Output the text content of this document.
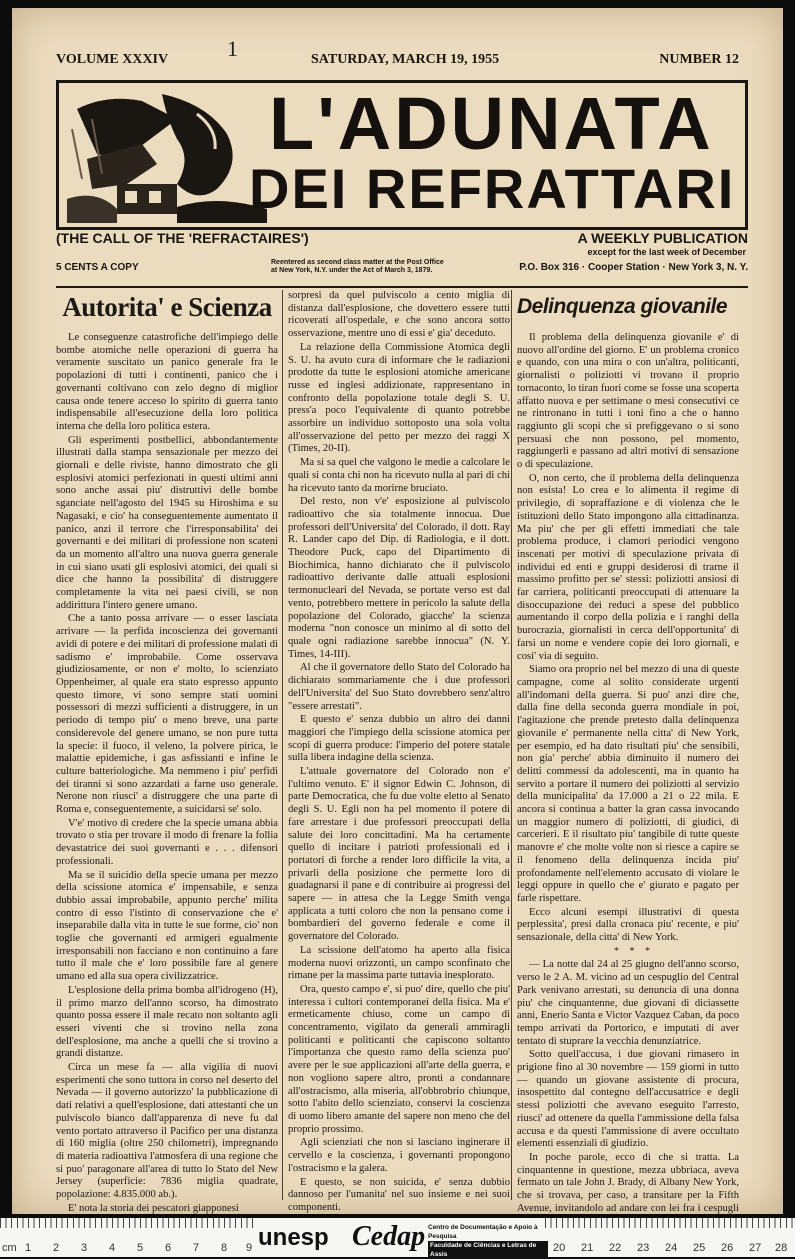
1
VOLUME XXXIV	SATURDAY, MARCH 19, 1955	NUMBER 12
L'ADUNATA
DEI REFRATTARI
(THE CALL OF THE 'REFRACTAIRES')	A WEEKLY PUBLICATION
except for the last week of December
5 CENTS A COPY	Reentered as second class matter at the Post Office
at New York, N.Y. under the Act of March 3, 1879.	P.O. Box 316 · Cooper Station · New York 3, N. Y.
Autorita' e Scienza

Le conseguenze catastrofiche dell'impiego delle bombe atomiche nelle operazioni di guerra ha veramente suscitato un panico generale fra le popolazioni di tutti i continenti, panico che i governanti coltivano con zelo degno di miglior causa onde tenere acceso lo spirito di guerra tanto indispensabile all'esecuzione della loro politica interna che della loro politica estera.

Gli esperimenti postbellici, abbondantemente illustrati dalla stampa sensazionale per mezzo dei giornali e delle riviste, hanno dimostrato che gli esplosivi atomici perfezionati in questi ultimi anni sono anche assai piu' distruttivi delle bombe sganciate nell'agosto del 1945 su Hiroshima e su Nagasaki, e cio' ha conseguentemente aumentato il panico, anzi il terrore che l'irresponsabilita' dei governanti e dei militari di professione non scateni da un momento all'altro una nuova guerra generale in cui siano usati gli esplosivi atomici, dei quali si dice che hanno la possibilita' di distruggere completamente la vita nei paesi civili, se non addirittura l'intero genere umano.

Che a tanto possa arrivare — o esser lasciata arrivare — la perfida incoscienza dei governanti avidi di potere e dei militari di professione malati di sadismo e' improbabile. Come osservava giudiziosamente, or non e' molto, lo scienziato Oppenheimer, al quale era stato espresso appunto questo timore, vi sono sempre stati uomini possessori di mezzi sufficienti a distruggere, in un periodo di tempo piu' o meno breve, una parte considerevole del genere umano, se non pure tutta la specie: il fuoco, il veleno, la polvere pirica, le malattie epidemiche, i gas asfissianti e infine le culture batteriologiche. Ma nemmeno i piu' perfidi dei tiranni si sono azzardati a farne uso generale. Nerone non riusci' a distruggere che una parte di Roma e, conseguentemente, a suicidarsi se' solo.

V'e' motivo di credere che la specie umana abbia trovato o stia per trovare il modo di frenare la follia devastatrice dei suoi governanti e . . . difensori professionali.

Ma se il suicidio della specie umana per mezzo della scissione atomica e' impensabile, e senza dubbio assai improbabile, appunto perche' milita contro di esso l'istinto di conservazione che e' inseparabile dalla vita in tutte le sue forme, cio' non toglie che governanti ed armigeri egualmente irresponsabili non facciano e non continuino a fare tutto il male che e' loro possibile fare al genere umano ed alla sua opera civilizzatrice.

L'esplosione della prima bomba all'idrogeno (H), il primo marzo dell'anno scorso, ha dimostrato quanto possa essere il male recato non soltanto agli esseri viventi che si trovino nella zona dell'esplosione, ma anche a quelli che si trovino a grandi distanze.

Circa un mese fa — alla vigilia di nuovi esperimenti che sono tuttora in corso nel deserto del Nevada — il governo autorizzo' la pubblicazione di dati relativi a quell'esplosione, dati attestanti che un pulviscolo bianco dall'apparenza di neve fu dal vento portato attraverso il Pacifico per una distanza di 160 miglia (oltre 250 chilometri), impregnando di materia radioattiva l'atmosfera di una regione che si puo' paragonare all'area di tutto lo Stato del New Jersey (superficie: 7836 miglia quadrate, popolazione: 4.835.000 ab.).

E' nota la storia dei pescatori giapponesi

sorpresi da quel pulviscolo a cento miglia di distanza dall'esplosione, che dovettero essere tutti ricoverati all'ospedale, e che sono ancora sotto osservazione, mentre uno di essi e' gia' deceduto.

La relazione della Commissione Atomica degli S. U. ha avuto cura di informare che le radiazioni prodotte da tutte le esplosioni atomiche americane russe ed inglesi addizionate, rappresentano in confronto della popolazione totale degli S. U. press'a poco l'equivalente di quanto potrebbe assorbire un individuo sottoposto una sola volta all'osservazione del petto per mezzo dei raggi X (Times, 20-II).

Ma si sa quel che valgono le medie a calcolare le quali si conta chi non ha ricevuto nulla al pari di chi ha ricevuto tanto da morirne bruciato.

Del resto, non v'e' esposizione al pulviscolo radioattivo che sia totalmente innocua. Due professori dell'Universita' del Colorado, il dott. Ray R. Lander capo del Dip. di Radiologia, e il dott. Theodore Puck, capo del Dipartimento di Biochimica, hanno dichiarato che il pulviscolo radioattivo derivante dalle attuali esplosioni termonucleari del Nevada, se portate verso est dal vento, potrebbero mettere in pericolo la salute della popolazione del Colorado, giacche' la scienza moderna "non conosce un minimo al di sotto del quale ogni radiazione sarebbe innocua" (N. Y. Times, 14-III).

Al che il governatore dello Stato del Colorado ha dichiarato sommariamente che i due professori dell'Universita' del Suo Stato dovrebbero senz'altro "essere arrestati".

E questo e' senza dubbio un altro dei danni maggiori che l'impiego della scissione atomica per scopi di guerra produce: l'imperio del potere statale sulla libera indagine della scienza.

L'attuale governatore del Colorado non e' l'ultimo venuto. E' il signor Edwin C. Johnson, di parte Democratica, che fu due volte eletto al Senato degli S. U. Egli non ha pel momento il potere di fare arrestare i due professori preoccupati della salute dei loro concittadini. Ma ha certamente quello di incitare i patrioti professionali ed i portatori di forche a render loro difficile la vita, a privarli della posizione che permette loro di guadagnarsi il pane e di contribuire ai progressi del sapere — in attesa che la Legge Smith venga applicata a tutti coloro che non la pensano come i bombardieri del governo federale e come il governatore del Colorado.

La scissione dell'atomo ha aperto alla fisica moderna nuovi orizzonti, un campo sconfinato che rimane per la massima parte tuttavia inesplorato.

Ora, questo campo e', si puo' dire, quello che piu' interessa i cultori contemporanei della fisica. Ma e' ermeticamente chiuso, come un campo di concentramento, vigilato da generali ammiragli politicanti e politicanti che capiscono soltanto l'importanza che questo ramo della scienza puo' avere per le sue applicazioni all'arte della guerra, e non vogliono sapere altro, pronti a condannare all'ostracismo, alla miseria, all'obbrobrio chiunque, sotto l'abito dello scienziato, conservi la coscienza di uomo libero amante del sapere non meno che del proprio prossimo.

Agli scienziati che non si lasciano inginerare il cervello e la coscienza, i governanti propongono l'ostracismo e la galera.

E questo, se non suicida, e' senza dubbio dannoso per l'umanita' nel suo insieme e nei suoi componenti.

Delinquenza giovanile

Il problema della delinquenza giovanile e' di nuovo all'ordine del giorno. E' un problema cronico e quando, con una mira o con un'altra, politicanti, giornalisti o poliziotti vi trovano il proprio tornaconto, lo tiran fuori come se fosse una scoperta affatto nuova e per settimane o mesi consecutivi ce ne rintronano in tutti i toni fino a che o hanno raggiunto gli scopi che si prefiggevano o si sono persuasi che non possono, pel momento, raggiungerli e passano ad altri motivi di sensazione o di speculazione.

O, non certo, che il problema della delinquenza non esista! Lo crea e lo alimenta il regime di privilegio, di sopraffazione e di violenza che le istituzioni dello Stato impongono alla cittadinanza. Ma piu' che per gli effetti immediati che tale problema produce, i clamori periodici vengono inscenati per motivi di speculazione privata di individui ed enti e gruppi desiderosi di trarne il massimo profitto per se' stessi: poliziotti ansiosi di far carriera, politicanti preoccupati di attenuare la disoccupazione dei reduci a spese del pubblico aumentando il corpo della polizia e i ranghi della burocrazia, giornalisti in cerca dell'opportunita' di farsi un nome e vendere copie dei loro giornali, e cosi' via di seguito.

Siamo ora proprio nel bel mezzo di una di queste campagne, come al solito considerate urgenti all'indomani della guerra. Si puo' anzi dire che, dalla fine della seconda guerra mondiale in poi, l'agitazione che prende pretesto dalla delinquenza giovanile e' permanente nella citta' di New York, per esempio, ed ha dato risultati piu' che sensibili, non gia' perche' abbia diminuito il numero dei delitti commessi da adolescenti, ma in quanto ha servito a portare il numero dei poliziotti al servizio della municipalita' da 17.000 a 21 o 22 mila. E ancora si continua a batter la gran cassa invocando un maggior numero di poliziotti, di giudici, di carcerieri. E il risultato piu' tangibile di tutte queste manovre e' che molte volte non si riesce a capire se il fenomeno della delinquenza incida piu' profondamente nell'elemento accusato di violare le leggi oppure in quello che e' giurato e pagato per farle rispettare.

Ecco alcuni esempi illustrativi di questa perplessita', presi dalla cronaca piu' recente, e piu' sensazionale, della citta' di New York.

* * *

— La notte dal 24 al 25 giugno dell'anno scorso, verso le 2 A. M. vicino ad un cespuglio del Central Park venivano arrestati, su denuncia di una donna piu' che cinquantenne, due giovani di diciassette anni, Enerio Santa e Victor Vazquez Caban, da poco tempo arrivati da Portorico, e imputati di aver tentato di stuprare la vecchia denunziatrice.

Sotto quell'accusa, i due giovani rimasero in prigione fino al 30 novembre — 159 giorni in tutto — quando un giovane assistente di procura, insospettito dal contegno dell'accusatrice e degli stessi poliziotti che avevano eseguito l'arresto, riusci' ad ottenere da quella l'ammissione della falsa accusa e da questi l'ammissione di avere occultato elementi essenziali di giudizio.

In poche parole, ecco di che si tratta. La cinquantenne in questione, mezza ubbriaca, aveva fermato un tale John J. Brady, di Albany New York, che si trovava, per caso, a transitare per la Fifth Avenue, invitandolo ad andare con lei fra i cespugli

cm 1 2 3 4 5 6 7 8 9 unesp Cedap Centro de Documentação e Apoio à Pesquisa
Faculdade de Ciências e Letras de Assis
20 21 22 23 24 25 26 27 28
